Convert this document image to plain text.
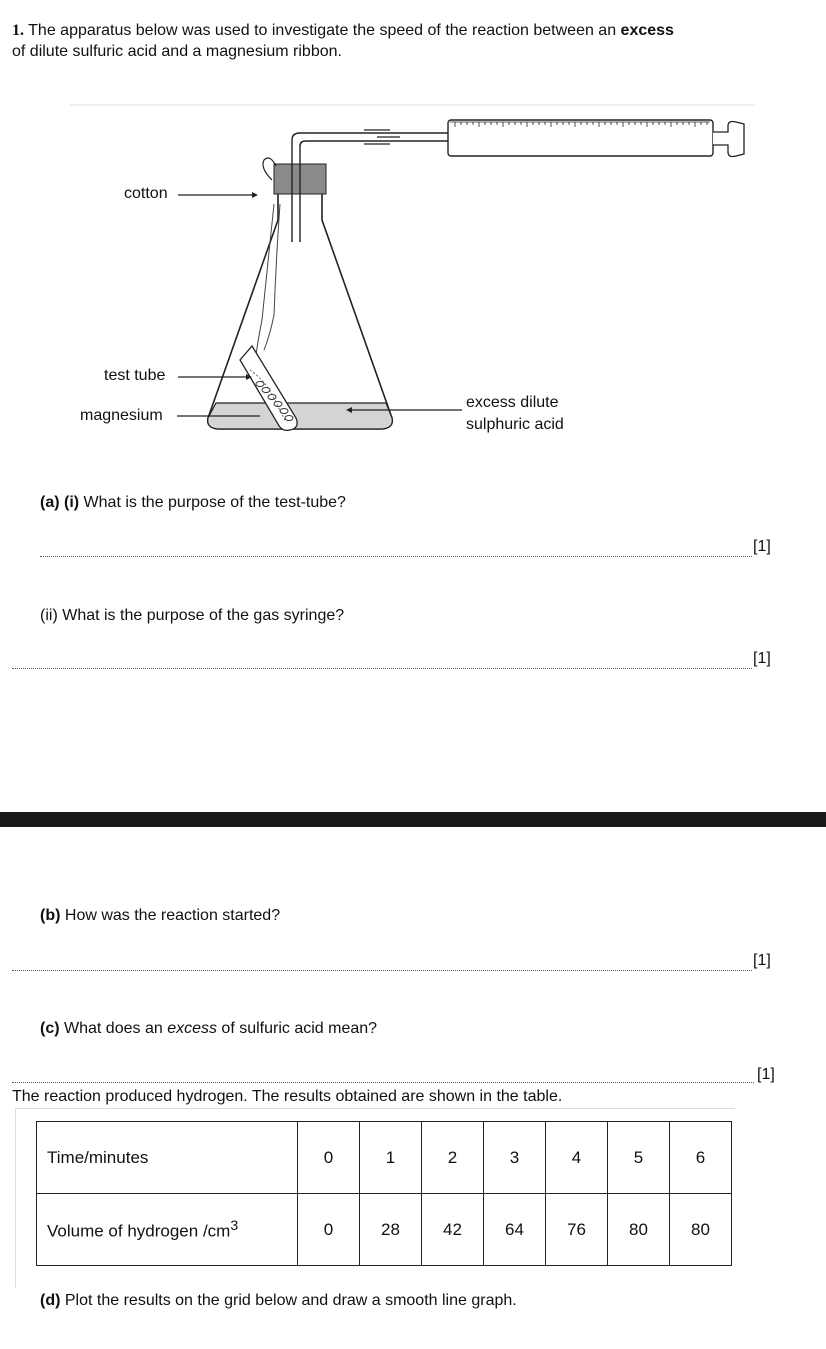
1. The apparatus below was used to investigate the speed of the reaction between an excess
of dilute sulfuric acid and a magnesium ribbon.
cotton
test tube
magnesium
excess dilute
sulphuric acid
(a) (i) What is the purpose of the test-tube?
[1]
(ii) What is the purpose of the gas syringe?
[1]
(b) How was the reaction started?
[1]
(c) What does an excess of sulfuric acid mean?
[1]
The reaction produced hydrogen. The results obtained are shown in the table.
Time/minutes	0	1	2	3	4	5	6
Volume of hydrogen $/cm^3$	0	28	42	64	76	80	80
(d) Plot the results on the grid below and draw a smooth line graph.
